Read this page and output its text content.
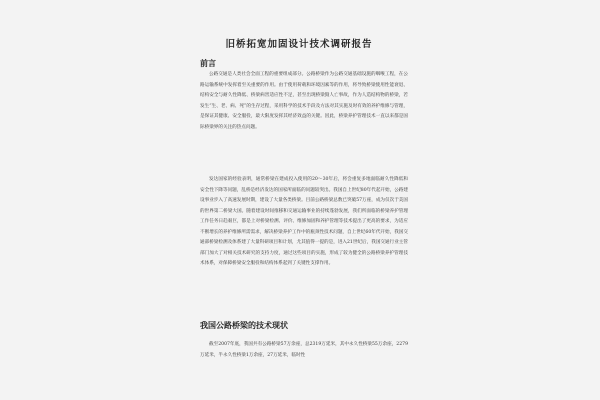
旧桥拓宽加固设计技术调研报告
前言

公路交通是人类社会全面工程的重要组成部分。公路桥梁作为公路交通基础设施的咽喉工程，在公路运输系统中发挥着至关重要的作用。由于使用荷载和环境因素等的作用，将导致桥梁使用性能衰退、结构安全与耐久性降低、桥梁病害适应性不足，甚至出现桥梁毁人亡事故，作为人造结构物的桥梁，若发生“生、老、病、死”的生存过程，采用科学的技术手段及方法对其实施及时有效的养护维修与管理，是保证其健康、安全服役，最大限度发挥其经济效益的关键。因此，桥梁养护管理技术一直以来都是国际桥梁界的关注的热点问题。

发达国家的经验表明，通常桥梁在建成投入使用的20～30年后，将会重复多地面临耐久性降低和安全性下降等问题，乱桥是经济发达的国家所面临的问题较突出。我国自上世纪80年代起开始，公路建设事业步入了高速发展时期，建设了大量各类桥梁。目前公路桥梁总数已突破57万座，成为仅次于美国的世界第二桥梁大国。随着建设时间推移和交通运输事业的持续蓬勃发展，我们所面临的桥梁养护管理工作任务日趋艰巨，都是上对桥梁检测、评价、维修加固和养护管理等技术提出了更高的要求，为适应不断增长的养护维修所需需求，解决桥梁养护工作中的瓶颈性技术问题，自上世纪60年代开始，我国交通部桥梁检测及体系建了大量科研项目和计划，尤其值得一提的是，进入21世纪后，我国交通行业主管部门加大了对相关技术研究的支持力度，通过这些项目的实施，形成了较为健全的公路桥梁养护管理技术体系，对保障桥梁安全服役和结构体系起到了关键性支撑作用。

我国公路桥梁的技术现状

截至2007年底，我国共有公路桥梁57万余座，总2319万延米，其中永久性桥梁55万余座，2279万延米，半永久性桥梁1万余座，27万延米，临时性
